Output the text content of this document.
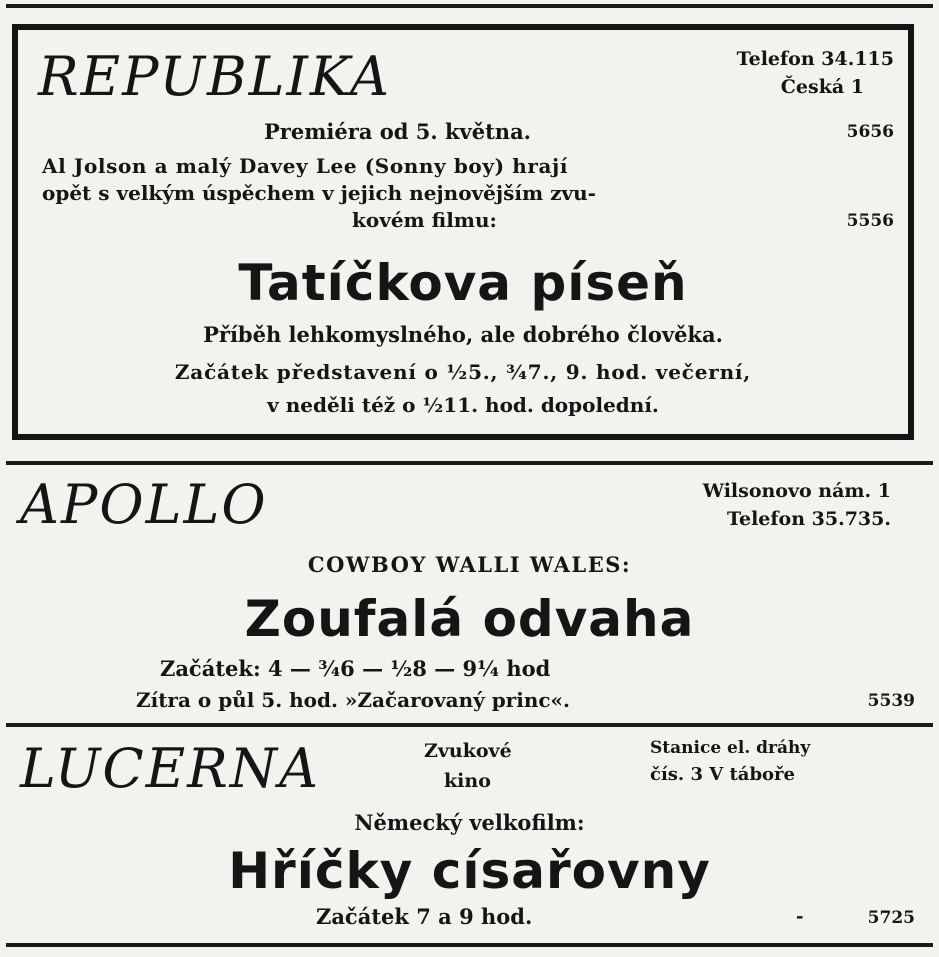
REPUBLIKA	Telefon 34.115
Česká 1
Premiéra od 5. května.	5656
Al Jolson a malý Davey Lee (Sonny boy) hrají
opět s velkým úspěchem v jejich nejnovějším zvu-
kovém filmu:	5556
Tatíčkova píseň
Příběh lehkomyslného, ale dobrého člověka.
Začátek představení o ½5., ¾7., 9. hod. večerní,
v neděli též o ½11. hod. dopolední.
APOLLO	Wilsonovo nám. 1
Telefon 35.735.
COWBOY WALLI WALES:
Zoufalá odvaha
Začátek: 4 — ¾6 — ½8 — 9¼ hod
Zítra o půl 5. hod. »Začarovaný princ«.	5539
LUCERNA	Zvukové
kino
Stanice el. dráhy
čís. 3 V táboře
Německý velkofilm:
Hříčky císařovny
Začátek 7 a 9 hod.	-	5725
